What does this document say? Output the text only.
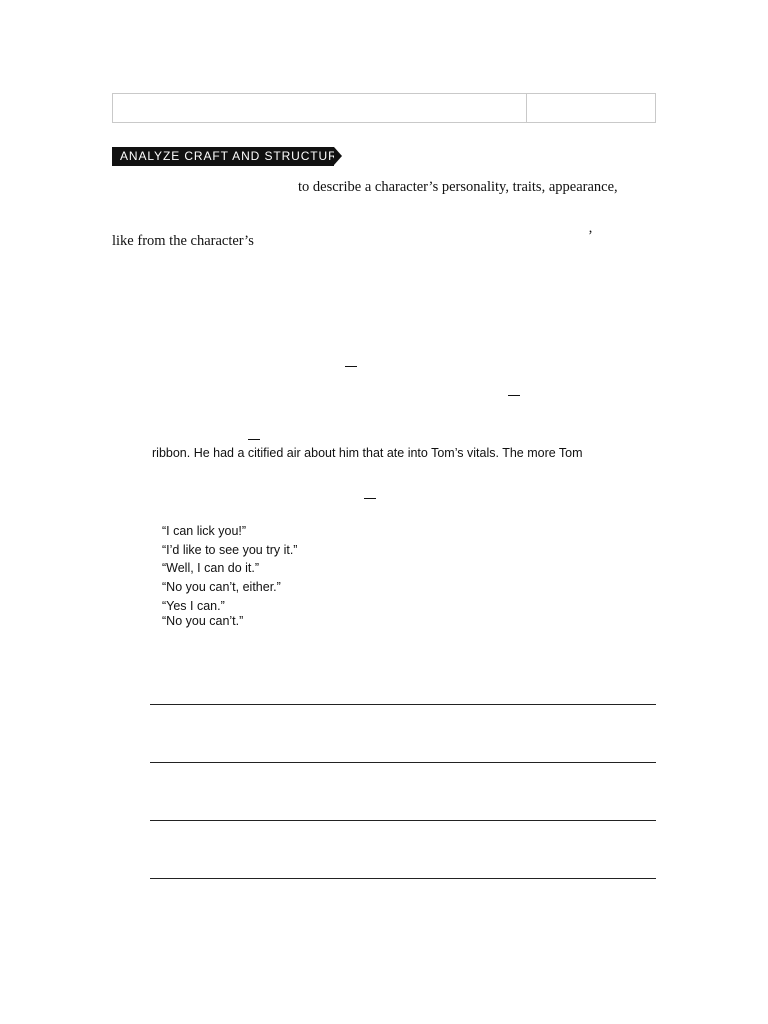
ANALYZE CRAFT AND STRUCTURE
to describe a character’s personality, traits, appearance,
like from the character’s	’
ribbon. He had a citified air about him that ate into Tom’s vitals. The more Tom
“I can lick you!”
“I’d like to see you try it.”
“Well, I can do it.”
“No you can’t, either.”
“Yes I can.”
“No you can’t.”
